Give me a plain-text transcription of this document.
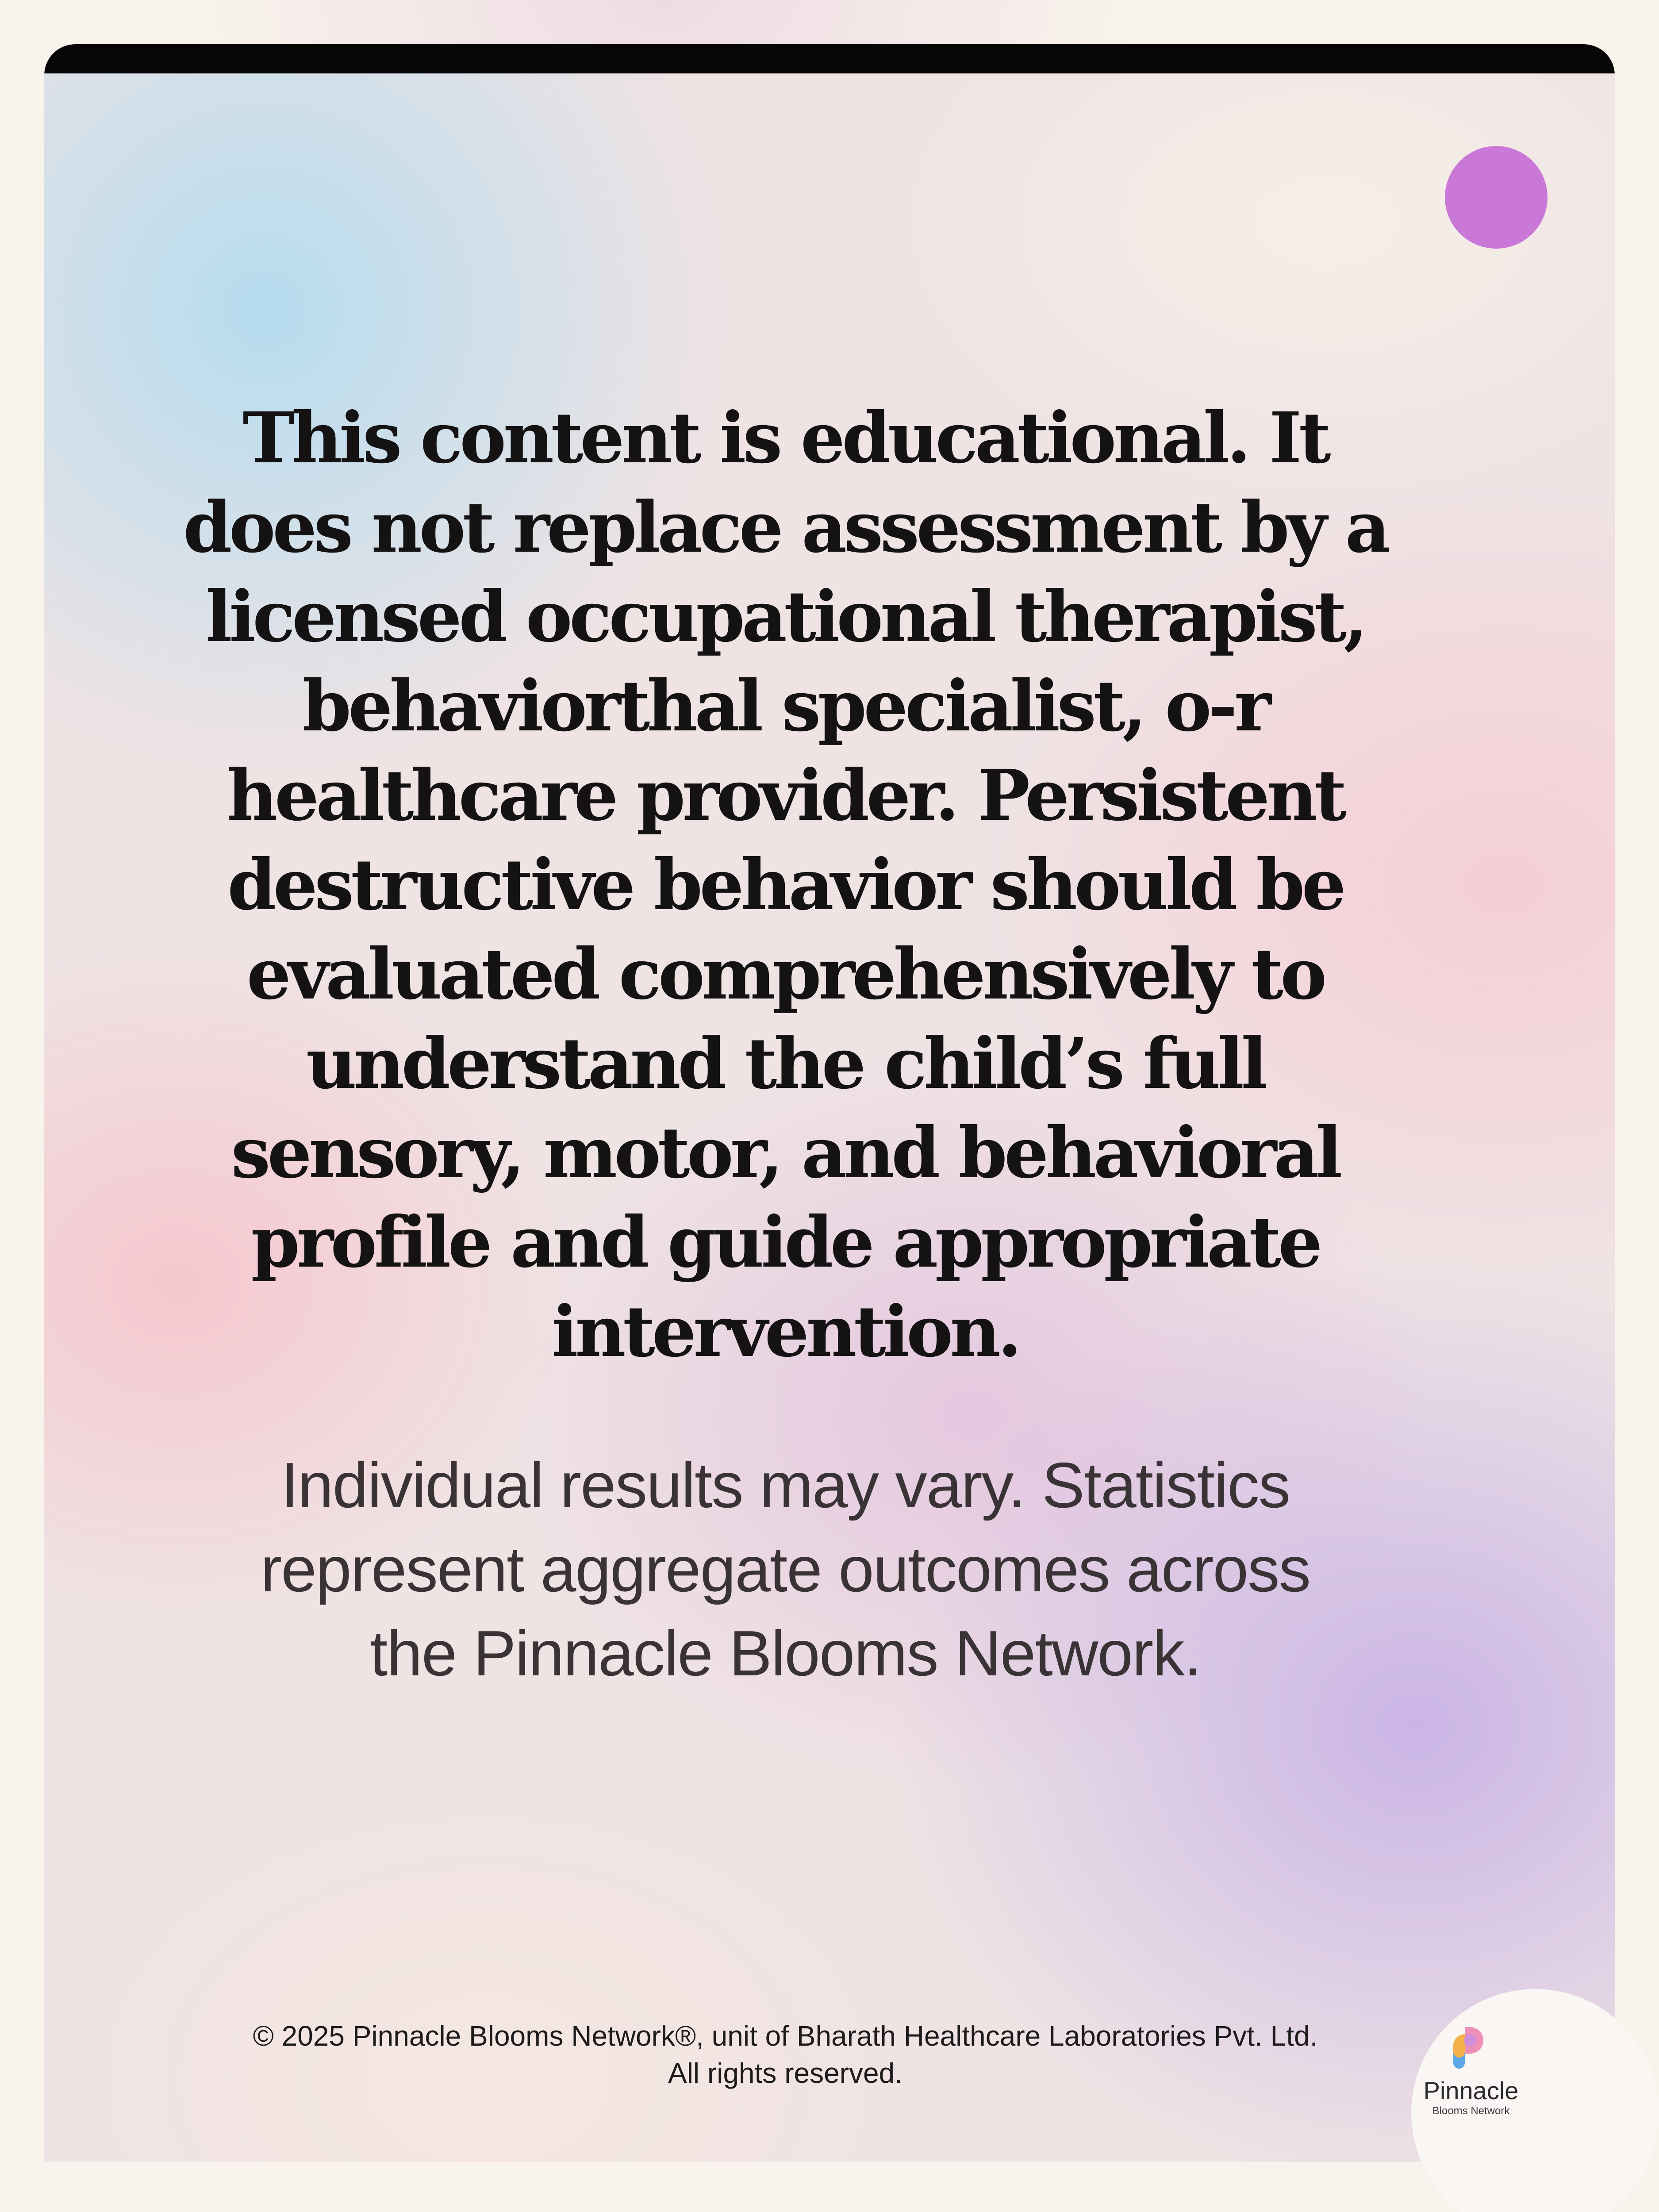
This content is educational. It does not replace assessment by a licensed occupational therapist, behaviorthal specialist, o-r healthcare provider. Persistent destructive behavior should be evaluated comprehensively to understand the child’s full sensory, motor, and behavioral profile and guide appropriate intervention.

Individual results may vary. Statistics represent aggregate outcomes across the Pinnacle Blooms Network.

© 2025 Pinnacle Blooms Network®, unit of Bharath Healthcare Laboratories Pvt. Ltd.
All rights reserved.
Pinnacle
Blooms Network
